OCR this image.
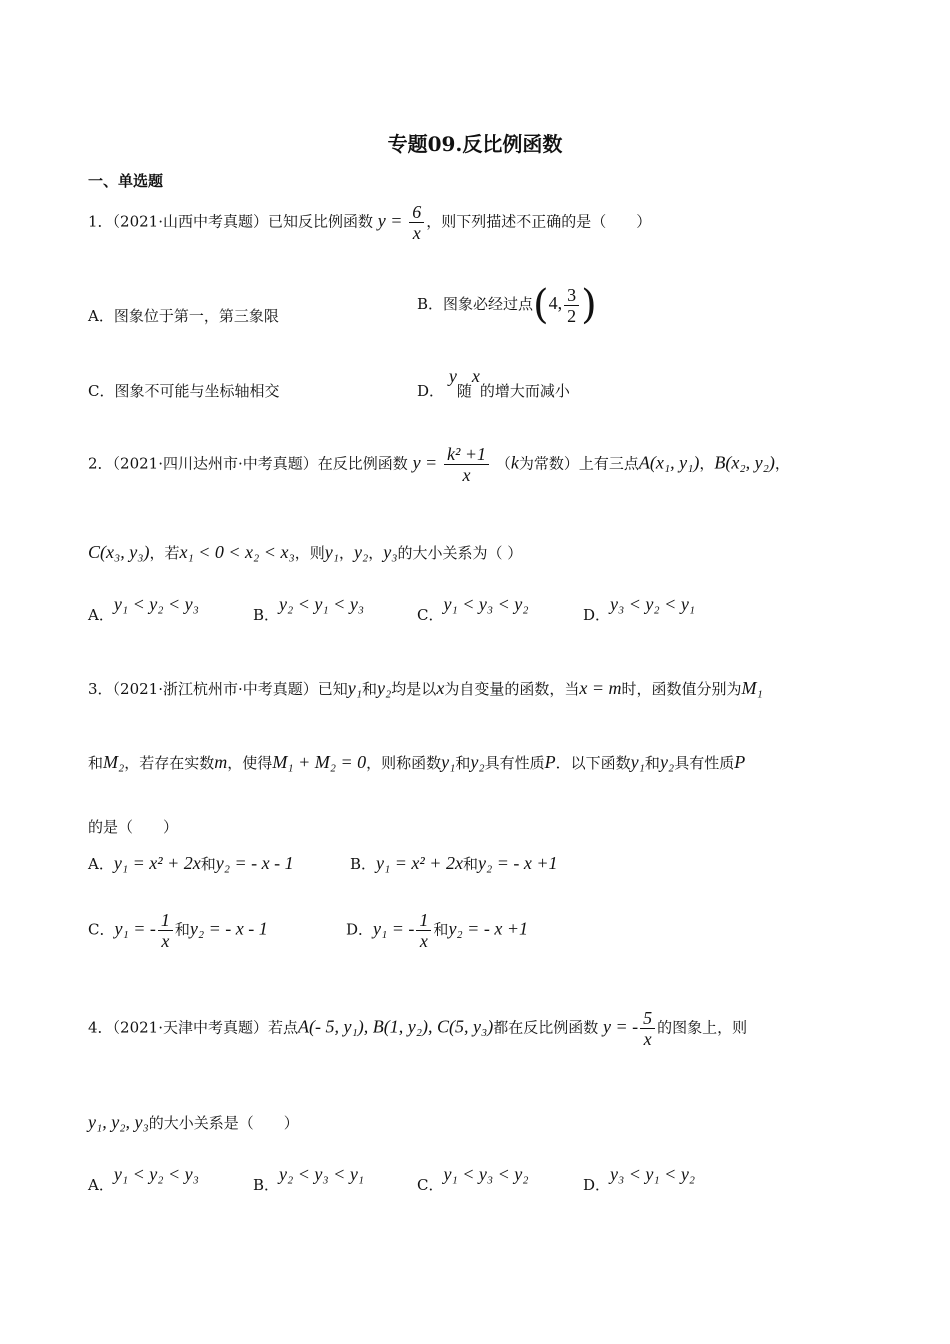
专题09.反比例函数
一、单选题
1．（2021·山西中考真题）已知反比例函数 $y = \frac{6}{x}$ ，则下列描述不正确的是（　　）
A．图象位于第一，第三象限
B．图象必经过点(4, $\frac{3}{2}$ )
C．图象不可能与坐标轴相交	D． y随x的增大而减小
2．（2021·四川达州市·中考真题）在反比例函数 $y = \frac{\text{k² +1}}{x} (k$为常数）上有三点A(x₁, y₁)，B(x₂, y₂)，
C(x₃, y₃)，若x₁ < 0 < x₂ < x₃，则y₁，y₂，y₃的大小关系为（ ）
A．y₁ < y₂ < y₃
B．y₂ < y₁ < y₃
C．y₁ < y₃ < y₂
D．y₃ < y₂ < y₁
3．（2021·浙江杭州市·中考真题）已知y₁和y₂均是以x为自变量的函数，当x = m时，函数值分别为M₁
和M₂，若存在实数m，使得M₁ + M₂ = 0，则称函数y₁和y₂具有性质P．以下函数y₁和y₂具有性质P
的是（　　）
A．y₁ = x² + 2x和y₂ = - x - 1	B．y₁ = x² + 2x和y₂ = - x +1
C．y₁ = - $\frac{1}{x}$ 和y₂ = - x - 1	D．y₁ = - $\frac{1}{x}$ 和y₂ = - x +1
4．（2021·天津中考真题）若点A(- 5, y₁), B(1, y₂), C(5, y₃)都在反比例函数 y = - $\frac{5}{x}$ 的图象上，则
y₁, y₂, y₃的大小关系是（　　）
A．y₁ < y₂ < y₃
B．y₂ < y₃ < y₁
C．y₁ < y₃ < y₂
D．y₃ < y₁ < y₂
